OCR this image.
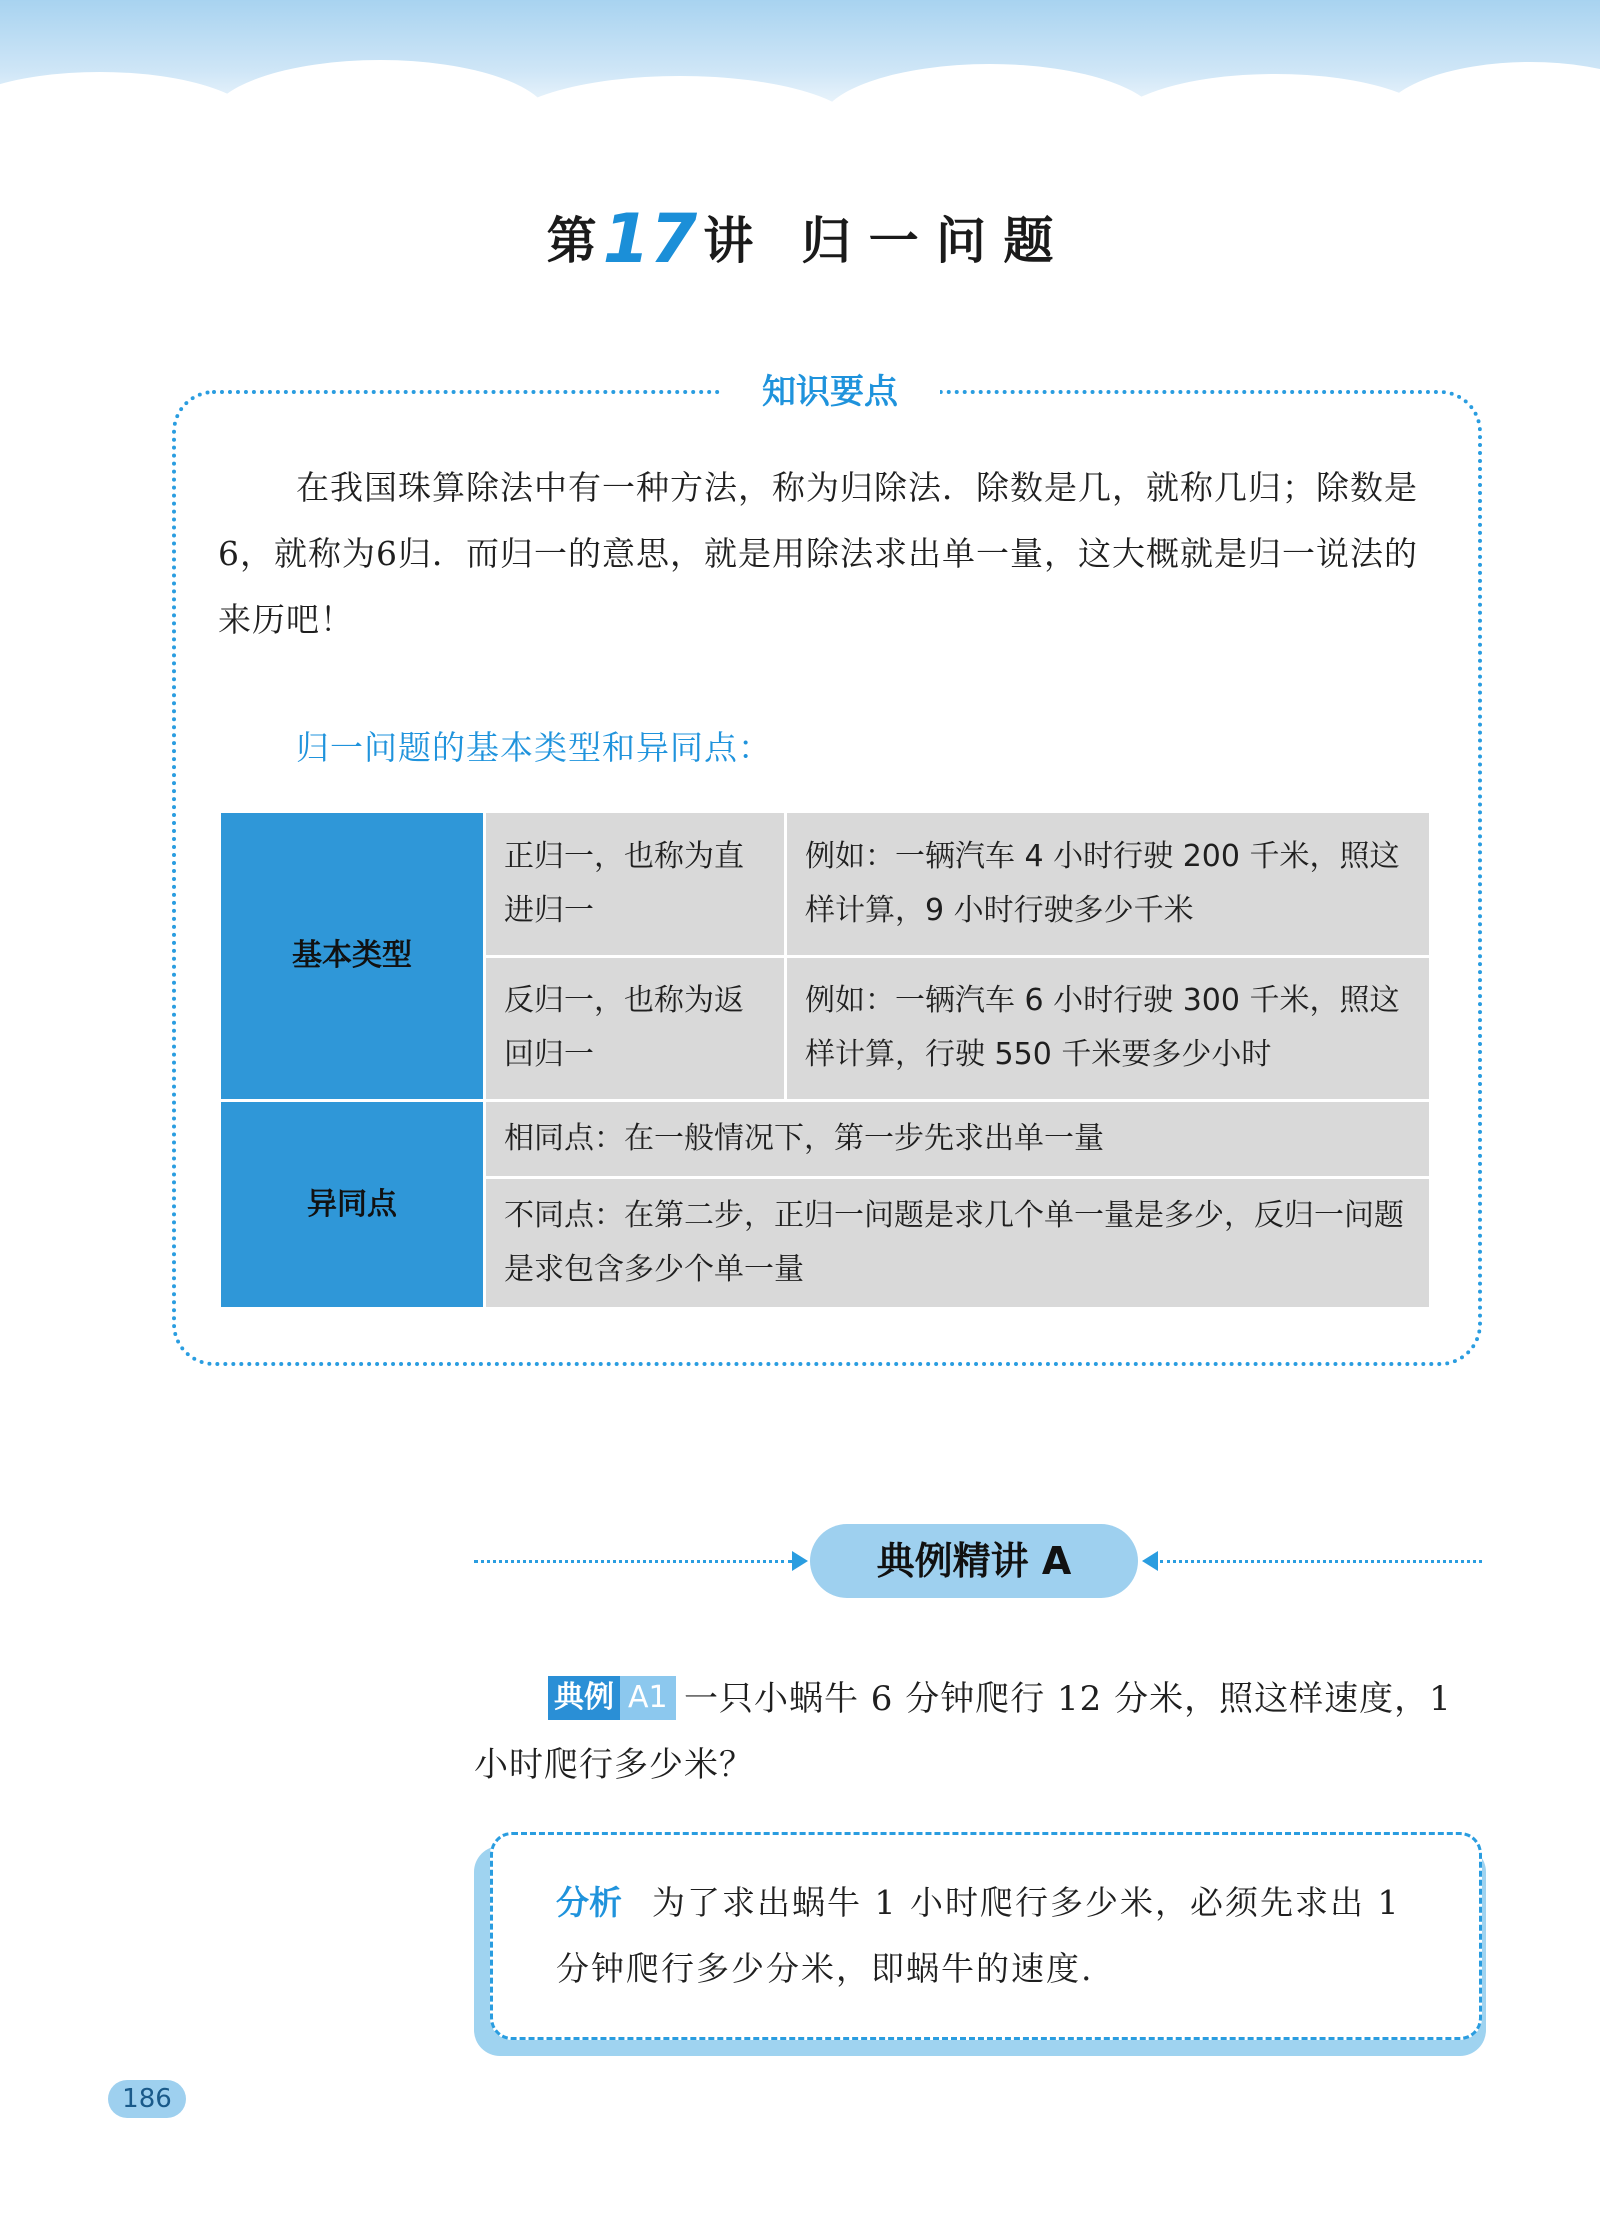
第17 讲 归 一 问 题
知识要点
在我国珠算除法中有一种方法，称为归除法．除数是几，就称几归；除数是6，就称为6归．而归一的意思，就是用除法求出单一量，这大概就是归一说法的来历吧！
归一问题的基本类型和异同点：
基本类型	正归一，也称为直进归一	例如：一辆汽车 4 小时行驶 200 千米，照这样计算，9 小时行驶多少千米
	反归一，也称为返回归一	例如：一辆汽车 6 小时行驶 300 千米，照这样计算，行驶 550 千米要多少小时
异同点	相同点：在一般情况下，第一步先求出单一量	
	不同点：在第二步，正归一问题是求几个单一量是多少，反归一问题是求包含多少个单一量	
典例精讲 A
典例 A1 一只小蜗牛 6 分钟爬行 12 分米，照这样速度，1 小时爬行多少米？
分析 为了求出蜗牛 1 小时爬行多少米，必须先求出 1 分钟爬行多少分米，即蜗牛的速度.
186
